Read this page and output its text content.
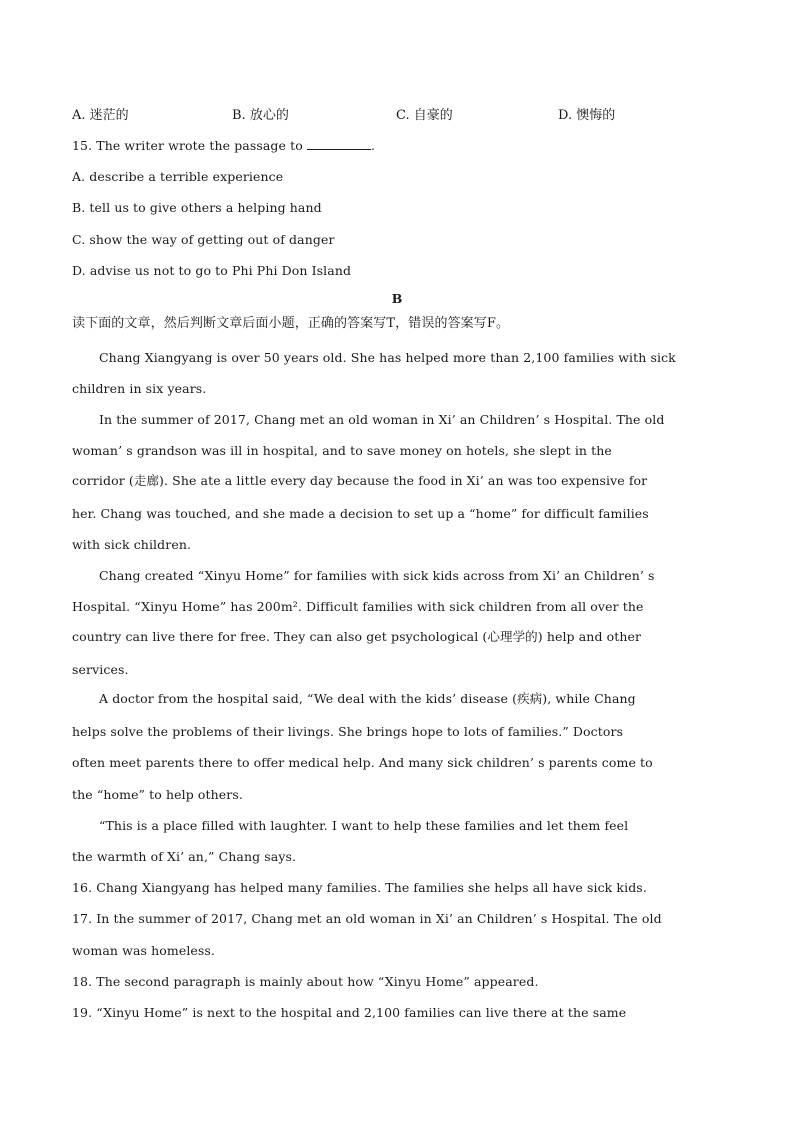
A. 迷茫的	B. 放心的	C. 自豪的	D. 懊悔的
15. The writer wrote the passage to	.
A. describe a terrible experience
B. tell us to give others a helping hand
C. show the way of getting out of danger
D. advise us not to go to Phi Phi Don Island
B
读下面的文章，然后判断文章后面小题，正确的答案写T，错误的答案写F。
Chang Xiangyang is over 50 years old. She has helped more than 2,100 families with sick
children in six years.
In the summer of 2017, Chang met an old woman in Xi’ an Children’ s Hospital. The old
woman’ s grandson was ill in hospital, and to save money on hotels, she slept in the
corridor (走廊). She ate a little every day because the food in Xi’ an was too expensive for
her. Chang was touched, and she made a decision to set up a “home” for difficult families
with sick children.
Chang created “Xinyu Home” for families with sick kids across from Xi’ an Children’ s
Hospital. “Xinyu Home” has 200m². Difficult families with sick children from all over the
country can live there for free. They can also get psychological (心理学的) help and other
services.
A doctor from the hospital said, “We deal with the kids’ disease (疾病), while Chang
helps solve the problems of their livings. She brings hope to lots of families.” Doctors
often meet parents there to offer medical help. And many sick children’ s parents come to
the “home” to help others.
“This is a place filled with laughter. I want to help these families and let them feel
the warmth of Xi’ an,” Chang says.
16. Chang Xiangyang has helped many families. The families she helps all have sick kids.
17. In the summer of 2017, Chang met an old woman in Xi’ an Children’ s Hospital. The old
woman was homeless.
18. The second paragraph is mainly about how “Xinyu Home” appeared.
19. “Xinyu Home” is next to the hospital and 2,100 families can live there at the same
